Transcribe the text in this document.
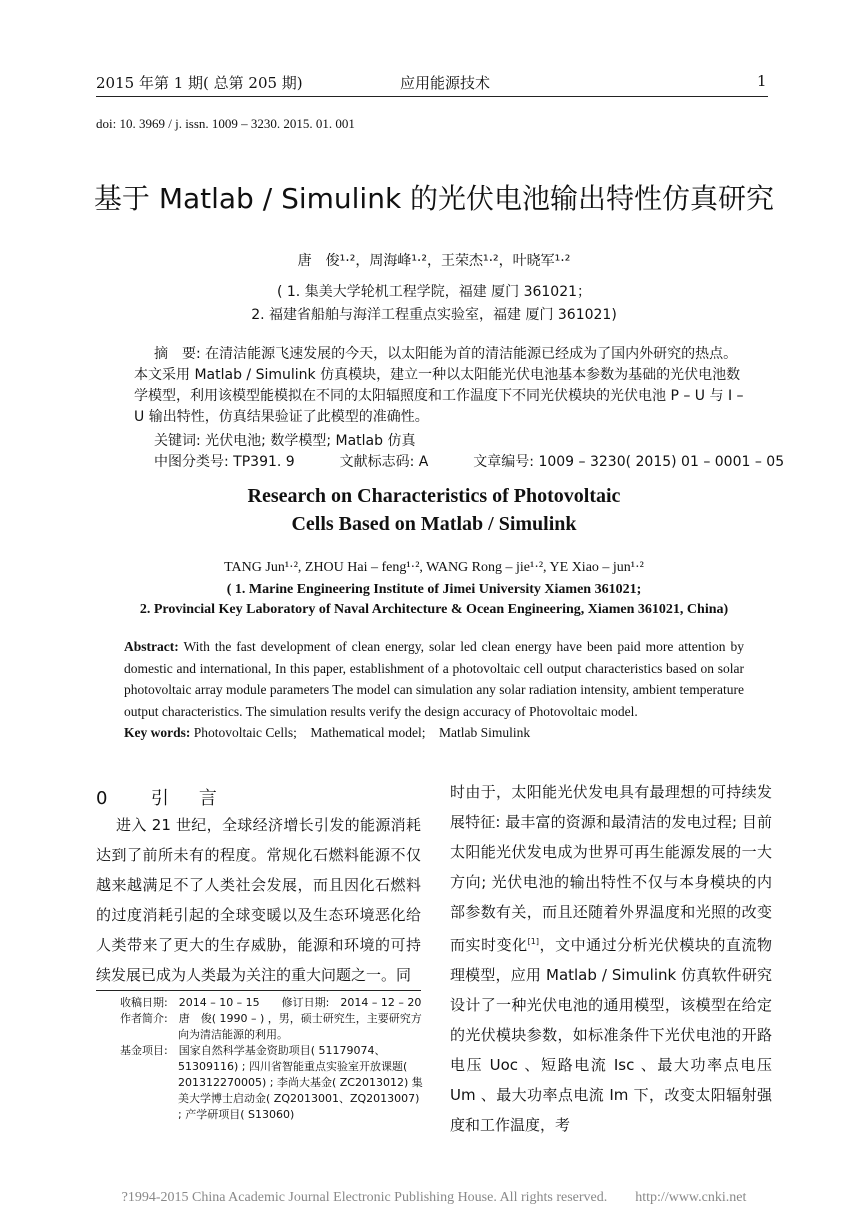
2015 年第 1 期( 总第 205 期)	应用能源技术	1
doi: 10. 3969 / j. issn. 1009 – 3230. 2015. 01. 001
基于 Matlab / Simulink 的光伏电池输出特性仿真研究
唐　俊¹·²，周海峰¹·²，王荣杰¹·²，叶晓军¹·²
( 1. 集美大学轮机工程学院，福建 厦门 361021；
2. 福建省船舶与海洋工程重点实验室，福建 厦门 361021)

摘　要: 在清洁能源飞速发展的今天，以太阳能为首的清洁能源已经成为了国内外研究的热点。本文采用 Matlab / Simulink 仿真模块，建立一种以太阳能光伏电池基本参数为基础的光伏电池数学模型，利用该模型能模拟在不同的太阳辐照度和工作温度下不同光伏模块的光伏电池 P – U 与 I – U 输出特性，仿真结果验证了此模型的准确性。

关键词: 光伏电池; 数学模型; Matlab 仿真
中图分类号: TP391. 9	文献标志码: A	文章编号: 1009 – 3230( 2015) 01 – 0001 – 05
Research on Characteristics of Photovoltaic
Cells Based on Matlab / Simulink
TANG Jun¹·², ZHOU Hai – feng¹·², WANG Rong – jie¹·², YE Xiao – jun¹·²
( 1. Marine Engineering Institute of Jimei University Xiamen 361021;
2. Provincial Key Laboratory of Naval Architecture & Ocean Engineering, Xiamen 361021, China)

Abstract: With the fast development of clean energy, solar led clean energy have been paid more attention by domestic and international, In this paper, establishment of a photovoltaic cell output characteristics based on solar photovoltaic array module parameters The model can simulation any solar radiation intensity, ambient temperature output characteristics. The simulation results verify the design accuracy of Photovoltaic model.

Key words: Photovoltaic Cells;　Mathematical model;　Matlab Simulink

0 引　言

进入 21 世纪，全球经济增长引发的能源消耗达到了前所未有的程度。常规化石燃料能源不仅越来越满足不了人类社会发展，而且因化石燃料的过度消耗引起的全球变暖以及生态环境恶化给人类带来了更大的生存威胁，能源和环境的可持续发展已成为人类最为关注的重大问题之一。同

收稿日期:　2014 – 10 – 15　　修订日期:　2014 – 12 – 20

作者简介:　唐　俊( 1990 – ) ，男，硕士研究生，主要研究方向为清洁能源的利用。

基金项目:　国家自然科学基金资助项目( 51179074、51309116) ; 四川省智能重点实验室开放课题( 201312270005) ; 李尚大基金( ZC2013012) 集美大学博士启动金( ZQ2013001、ZQ2013007) ; 产学研项目( S13060)

时由于，太阳能光伏发电具有最理想的可持续发展特征: 最丰富的资源和最清洁的发电过程; 目前太阳能光伏发电成为世界可再生能源发展的一大方向; 光伏电池的输出特性不仅与本身模块的内部参数有关，而且还随着外界温度和光照的改变而实时变化[1]，文中通过分析光伏模块的直流物理模型，应用 Matlab / Simulink 仿真软件研究设计了一种光伏电池的通用模型，该模型在给定的光伏模块参数，如标准条件下光伏电池的开路电压 Uoc 、短路电流 Isc 、最大功率点电压 Um 、最大功率点电流 Im 下，改变太阳辐射强度和工作温度，考

?1994-2015 China Academic Journal Electronic Publishing House. All rights reserved.　　http://www.cnki.net
